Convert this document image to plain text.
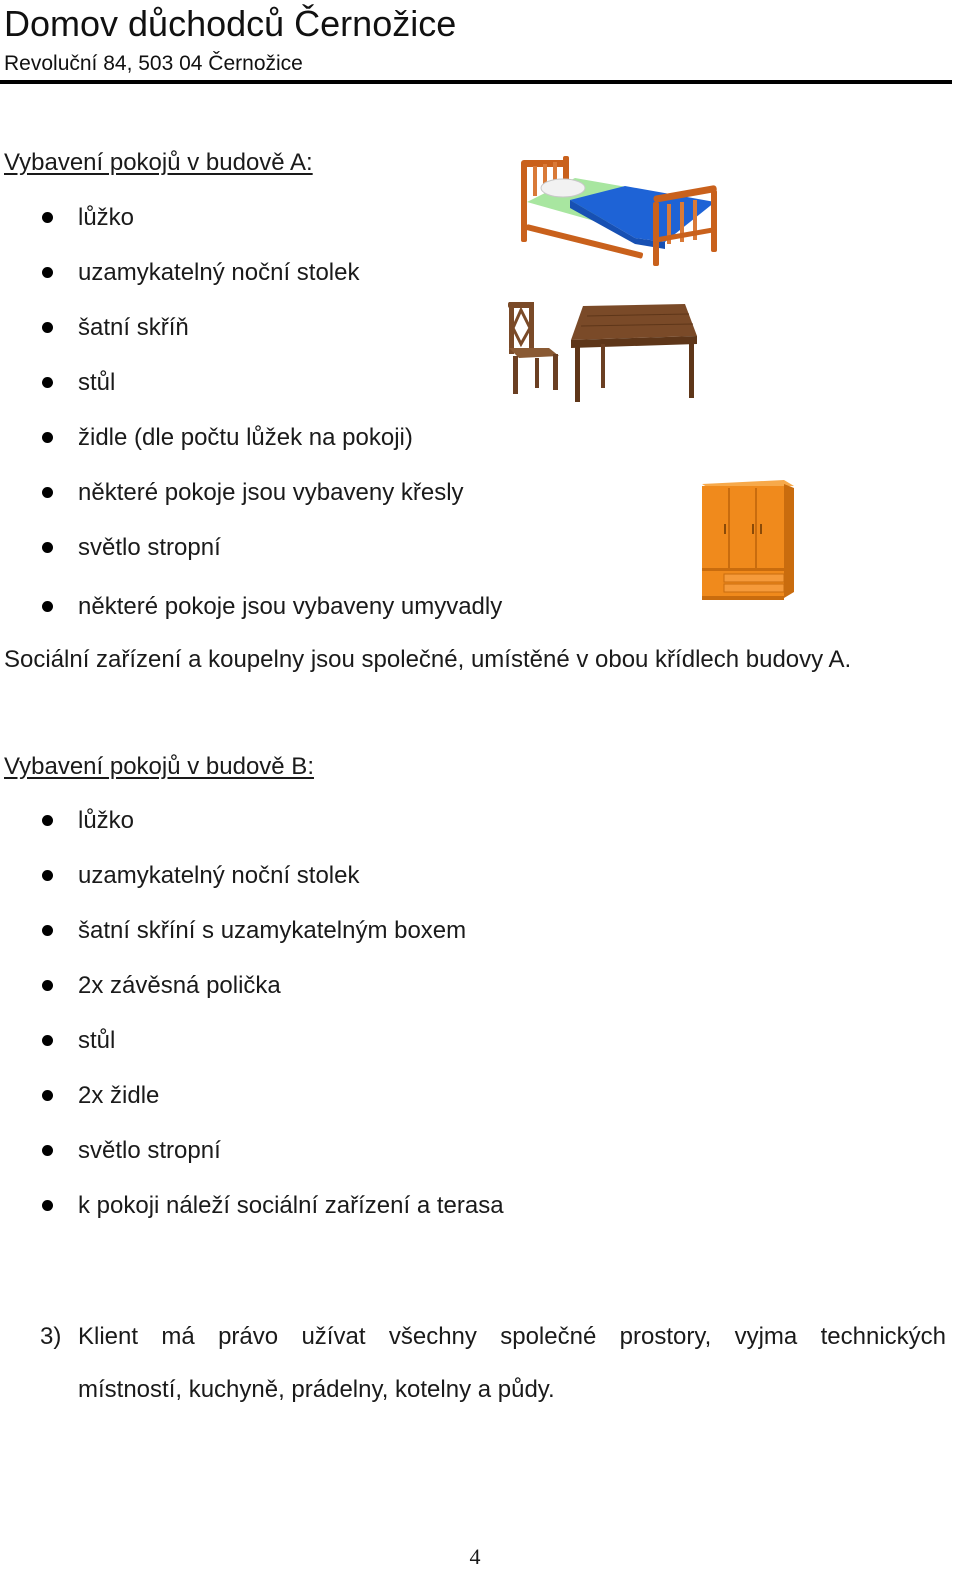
Domov důchodců Černožice
Revoluční 84, 503 04 Černožice
Vybavení pokojů v budově A:
lůžko
uzamykatelný noční stolek
šatní skříň
stůl
židle (dle počtu lůžek na pokoji)
některé pokoje jsou vybaveny křesly
světlo stropní
některé pokoje jsou vybaveny umyvadly
Sociální zařízení a koupelny jsou společné, umístěné v obou křídlech budovy A.
Vybavení pokojů v budově B:
lůžko
uzamykatelný noční stolek
šatní skříní s uzamykatelným boxem
2x závěsná polička
stůl
2x židle
světlo stropní
k pokoji náleží sociální zařízení a terasa
3) Klient má právo užívat všechny společné prostory, vyjma technických
místností, kuchyně, prádelny, kotelny a půdy.
4
